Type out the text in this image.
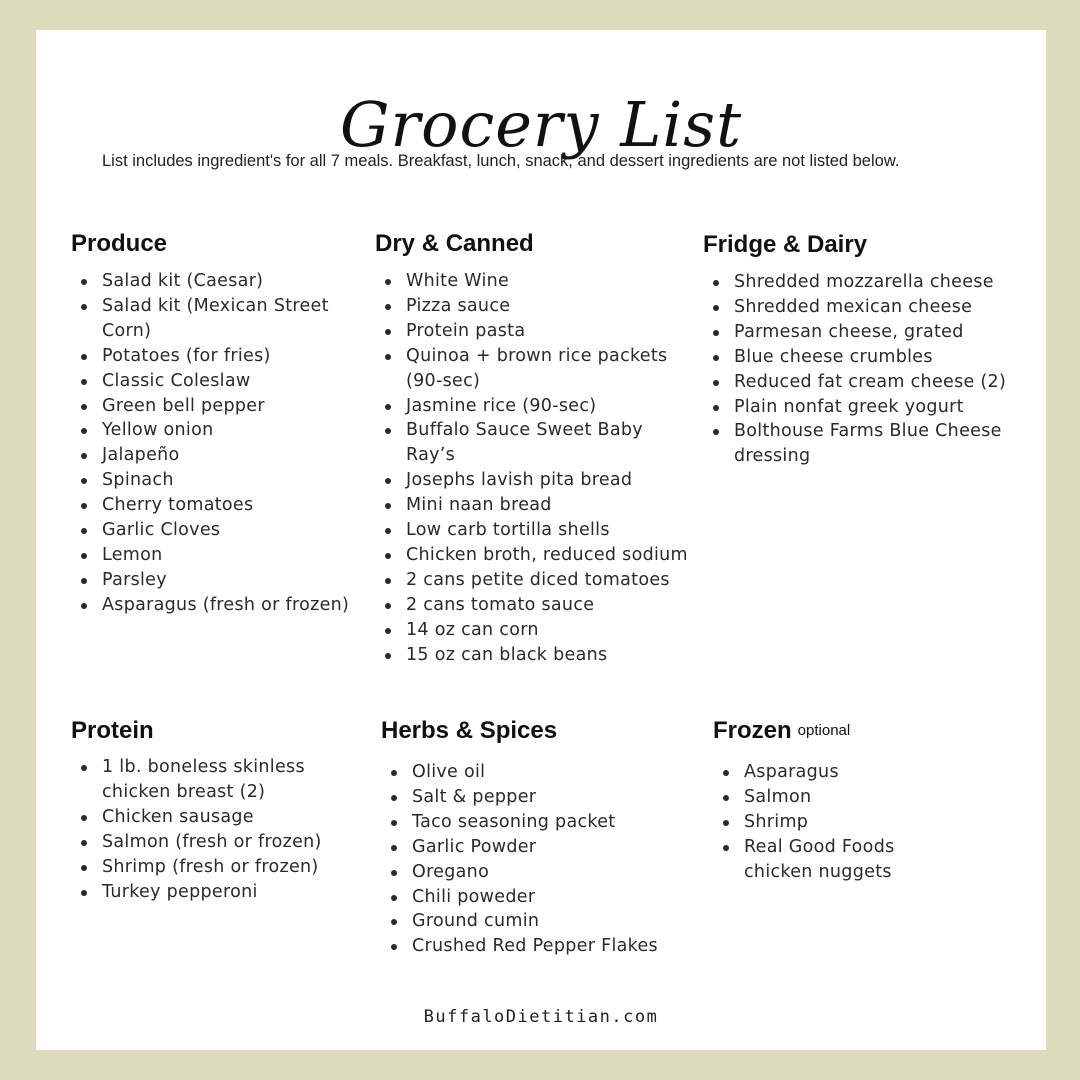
Grocery List

List includes ingredient's for all 7 meals. Breakfast, lunch, snack, and dessert ingredients are not listed below.

Produce
Salad kit (Caesar)
Salad kit (Mexican Street Corn)
Potatoes (for fries)
Classic Coleslaw
Green bell pepper
Yellow onion
Jalapeño
Spinach
Cherry tomatoes
Garlic Cloves
Lemon
Parsley
Asparagus (fresh or frozen)
Dry & Canned
White Wine
Pizza sauce
Protein pasta
Quinoa + brown rice packets (90-sec)
Jasmine rice (90-sec)
Buffalo Sauce Sweet Baby Ray’s
Josephs lavish pita bread
Mini naan bread
Low carb tortilla shells
Chicken broth, reduced sodium
2 cans petite diced tomatoes
2 cans tomato sauce
14 oz can corn
15 oz can black beans
Fridge & Dairy
Shredded mozzarella cheese
Shredded mexican cheese
Parmesan cheese, grated
Blue cheese crumbles
Reduced fat cream cheese (2)
Plain nonfat greek yogurt
Bolthouse Farms Blue Cheese dressing
Protein
1 lb. boneless skinless chicken breast (2)
Chicken sausage
Salmon (fresh or frozen)
Shrimp (fresh or frozen)
Turkey pepperoni
Herbs & Spices
Olive oil
Salt & pepper
Taco seasoning packet
Garlic Powder
Oregano
Chili poweder
Ground cumin
Crushed Red Pepper Flakes
Frozen optional
Asparagus
Salmon
Shrimp
Real Good Foods chicken nuggets

BuffaloDietitian.com
